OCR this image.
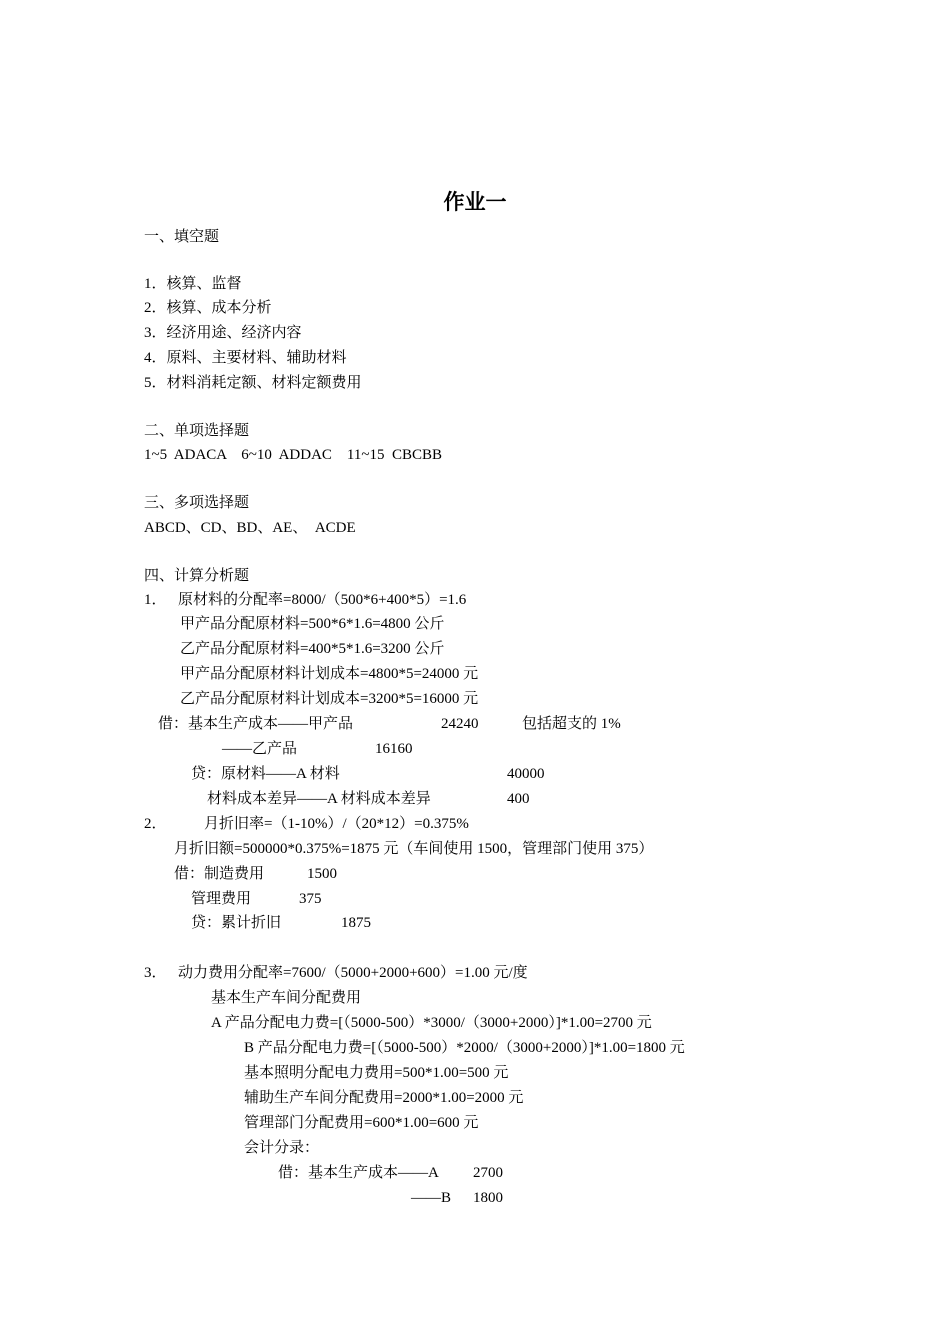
作业一
一、填空题
1．核算、监督
2．核算、成本分析
3．经济用途、经济内容
4．原料、主要材料、辅助材料
5．材料消耗定额、材料定额费用
二、单项选择题
1~5  ADACA    6~10  ADDAC    11~15  CBCBB
三、多项选择题
ABCD、CD、BD、AE、  ACDE
四、计算分析题
1． 原材料的分配率=8000/（500*6+400*5）=1.6
甲产品分配原材料=500*6*1.6=4800 公斤
乙产品分配原材料=400*5*1.6=3200 公斤
甲产品分配原材料计划成本=4800*5=24000 元
乙产品分配原材料计划成本=3200*5=16000 元
借：基本生产成本——甲产品	24240	包括超支的 1%
——乙产品	16160
贷：原材料——A 材料	40000
材料成本差异——A 材料成本差异	400
2． 月折旧率=（1-10%）/（20*12）=0.375%
月折旧额=500000*0.375%=1875 元（车间使用 1500，管理部门使用 375）
借：制造费用	1500
管理费用	375
贷：累计折旧	1875
3． 动力费用分配率=7600/（5000+2000+600）=1.00 元/度
基本生产车间分配费用
A 产品分配电力费=[（5000-500）*3000/（3000+2000）]*1.00=2700 元
B 产品分配电力费=[（5000-500）*2000/（3000+2000）]*1.00=1800 元
基本照明分配电力费用=500*1.00=500 元
辅助生产车间分配费用=2000*1.00=2000 元
管理部门分配费用=600*1.00=600 元
会计分录：
借：基本生产成本——A 2700
——B 1800
